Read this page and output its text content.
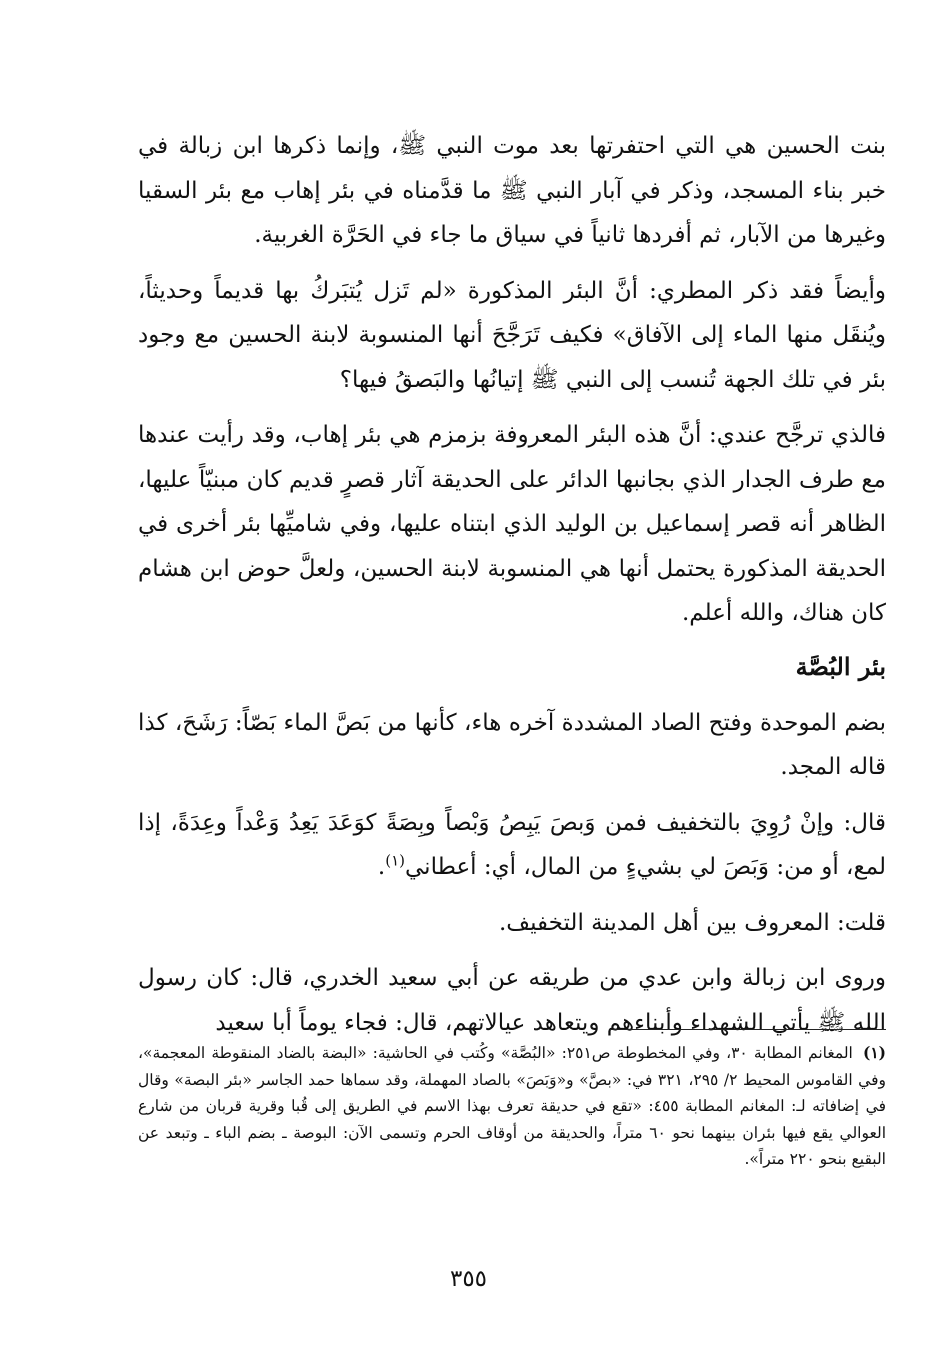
بنت الحسين هي التي احتفرتها بعد موت النبي ﷺ، وإنما ذكرها ابن زبالة في خبر بناء المسجد، وذكر في آبار النبي ﷺ ما قدَّمناه في بئر إهاب مع بئر السقيا وغيرها من الآبار، ثم أفردها ثانياً في سياق ما جاء في الحَرَّة الغربية.

وأيضاً فقد ذكر المطري: أنَّ البئر المذكورة «لم تَزل يُتبَركُ بها قديماً وحديثاً، ويُنقَل منها الماء إلى الآفاق» فكيف تَرَجَّحَ أنها المنسوبة لابنة الحسين مع وجود بئر في تلك الجهة تُنسب إلى النبي ﷺ إتيانُها والبَصقُ فيها؟

فالذي ترجَّح عندي: أنَّ هذه البئر المعروفة بزمزم هي بئر إهاب، وقد رأيت عندها مع طرف الجدار الذي بجانبها الدائر على الحديقة آثار قصرٍ قديم كان مبنيّاً عليها، الظاهر أنه قصر إسماعيل بن الوليد الذي ابتناه عليها، وفي شاميِّها بئر أخرى في الحديقة المذكورة يحتمل أنها هي المنسوبة لابنة الحسين، ولعلَّ حوض ابن هشام كان هناك، والله أعلم.

بئر البُصَّة

بضم الموحدة وفتح الصاد المشددة آخره هاء، كأنها من بَصَّ الماء بَصّاً: رَشَحَ، كذا قاله المجد.

قال: وإنْ رُوِيَ بالتخفيف فمن وَبصَ يَبِصُ وَبْصاً وبِصَةً كوَعَدَ يَعِدُ وَعْداً وعِدَةً، إذا لمع، أو من: وَبَصَ لي بشيءٍ من المال، أي: أعطاني$^{(١)}$.

قلت: المعروف بين أهل المدينة التخفيف.

وروى ابن زبالة وابن عدي من طريقه عن أبي سعيد الخدري، قال: كان رسول الله ﷺ يأتي الشهداء وأبناءهم ويتعاهد عيالاتهم، قال: فجاء يوماً أبا سعيد

(١) المغانم المطابة ٣٠، وفي المخطوطة ص٢٥١: «البُصَّة» وكُتب في الحاشية: «البضة بالضاد المنقوطة المعجمة»، وفي القاموس المحيط ٢/ ٢٩٥، ٣٢١ في: «بصَّ» و«وَبَصَ» بالصاد المهملة، وقد سماها حمد الجاسر «بئر البصة» وقال في إضافاته لـ: المغانم المطابة ٤٥٥: «تقع في حديقة تعرف بهذا الاسم في الطريق إلى قُبا وقرية قربان من شارع العوالي يقع فيها بئران بينهما نحو ٦٠ متراً، والحديقة من أوقاف الحرم وتسمى الآن: البوصة ـ بضم الباء ـ وتبعد عن البقيع بنحو ٢٢٠ متراً».
٣٥٥
